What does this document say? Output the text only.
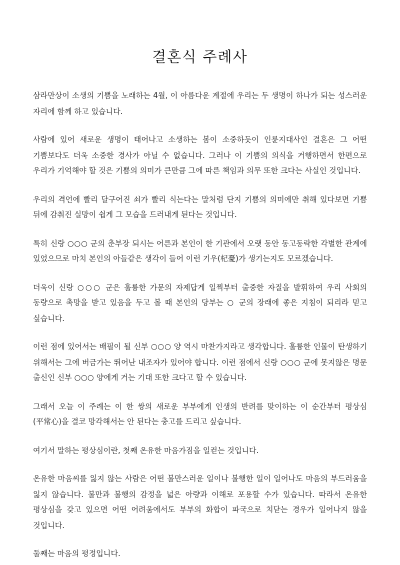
결혼식 주례사

삼라만상이 소생의 기쁨을 노래하는 4월, 이 아름다운 계절에 우리는 두 생명이 하나가 되는 성스러운 자리에 함께 하고 있습니다.

사람에 있어 새로운 생명이 태어나고 소생하는 봄이 소중하듯이 인륜지대사인 결혼은 그 어떤 기쁨보다도 더욱 소중한 경사가 아닐 수 없습니다. 그러나 이 기쁨의 의식을 거행하면서 한편으로 우리가 기억해야 할 것은 기쁨의 의미가 큰만큼 그에 따른 책임과 의무 또한 크다는 사실인 것입니다.

우리의 격언에 빨리 달구어진 쇠가 빨리 식는다는 말처럼 단지 기쁨의 의미에만 취해 있다보면 기쁨 뒤에 감춰진 실망이 쉽게 그 모습을 드러내게 된다는 것입니다.

특히 신랑 ○○○ 군의 춘부장 되시는 어른과 본인이 한 기관에서 오랫 동안 동고동락한 각별한 관계에 있었으므로 마치 본인의 아들같은 생각이 들어 이런 기우(杞憂)가 생기는지도 모르겠습니다.

더욱이 신랑 ○○○ 군은 훌륭한 가문의 자제답게 일찍부터 출중한 자질을 발휘하여 우리 사회의 동량으로 촉망을 받고 있음을 두고 볼 때 본인의 당부는 ○ 군의 장래에 좋은 지침이 되리라 믿고 싶습니다.

이런 점에 있어서는 배필이 될 신부 ○○○ 양 역시 마찬가지라고 생각합니다. 훌륭한 인물이 탄생하기 위해서는 그에 버금가는 뛰어난 내조자가 있어야 합니다. 이런 점에서 신랑 ○○○ 군에 못지않은 명문 출신인 신부 ○○○ 양에게 거는 기대 또한 크다고 할 수 있습니다.

그래서 오늘 이 주례는 이 한 쌍의 새로운 부부에게 인생의 반려를 맞이하는 이 순간부터 평상심(平常心)을 결코 망각해서는 안 된다는 충고를 드리고 싶습니다.

여기서 말하는 평상심이란, 첫째 온유한 마음가짐을 일컫는 것입니다.

온유한 마음씨를 잃지 않는 사람은 어떤 불만스러운 일이나 불행한 일이 일어나도 마음의 부드러움을 잃지 않습니다. 불만과 불행의 감정을 넓은 아량과 이해로 포용할 수가 있습니다. 따라서 온유한 평상심을 갖고 있으면 어떤 어려움에서도 부부의 화합이 파국으로 치닫는 경우가 일어나지 않을 것입니다.

둘째는 마음의 평정입니다.
